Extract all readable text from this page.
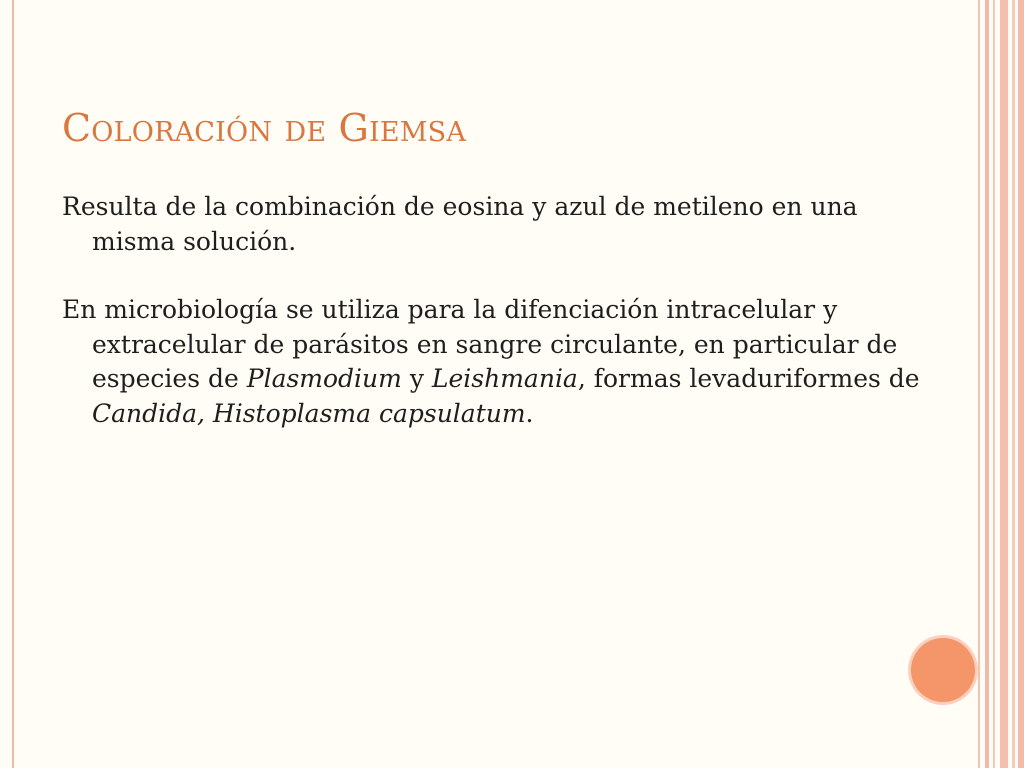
Coloración de Giemsa

Resulta de la combinación de eosina y azul de metileno en una misma solución.

En microbiología se utiliza para la difenciación intracelular y extracelular de parásitos en sangre circulante, en particular de especies de Plasmodium y Leishmania, formas levaduriformes de Candida, Histoplasma capsulatum.
